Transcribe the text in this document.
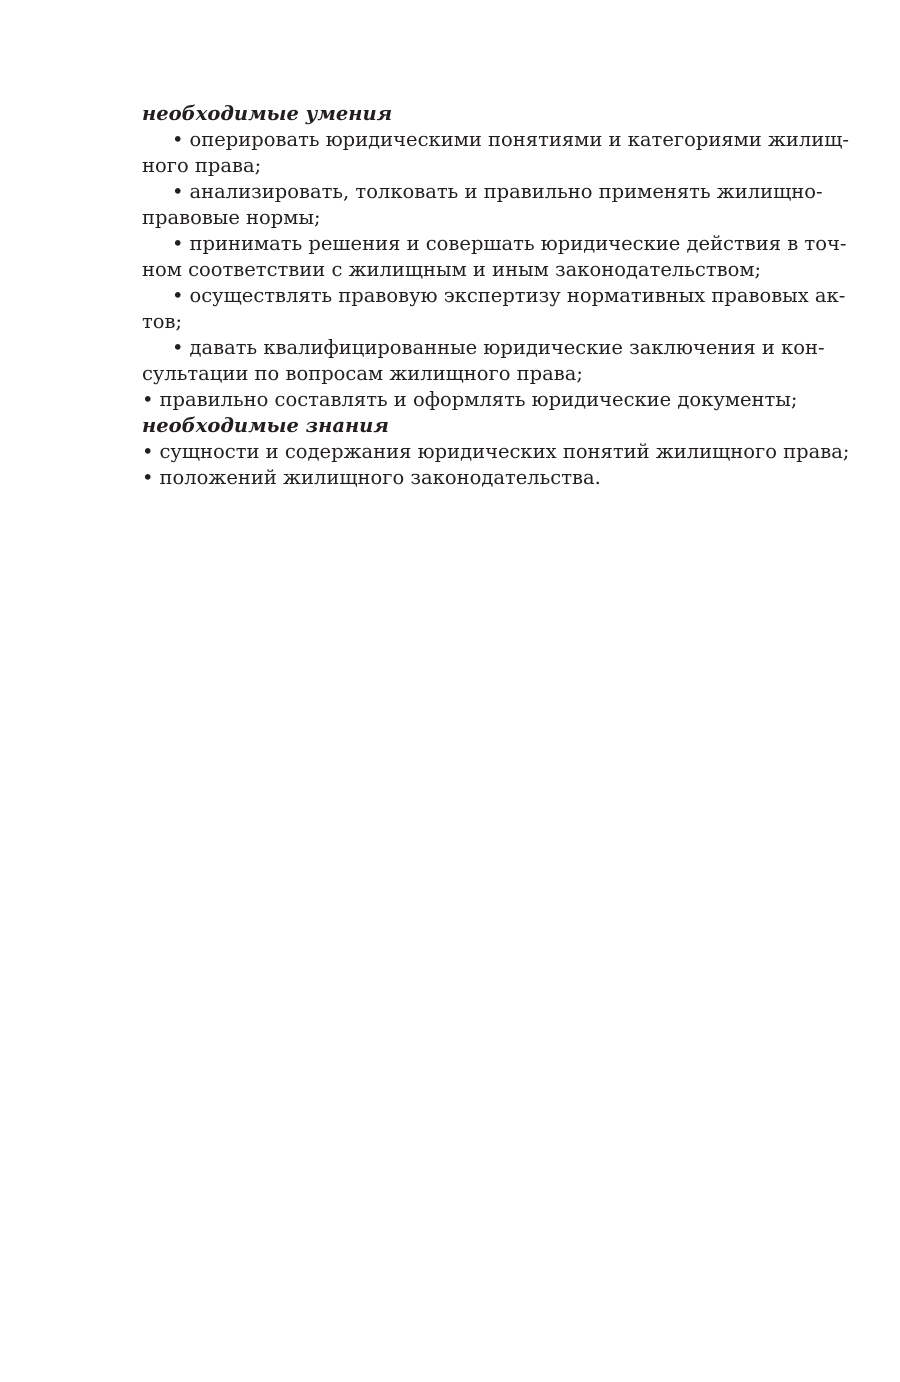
необходимые умения

• оперировать юридическими понятиями и категориями жилищ-
ного права;
• анализировать, толковать и правильно применять жилищно-
правовые нормы;
• принимать решения и совершать юридические действия в точ-
ном соответствии с жилищным и иным законодательством;
• осуществлять правовую экспертизу нормативных правовых ак-
тов;
• давать квалифицированные юридические заключения и кон-
сультации по вопросам жилищного права;
• правильно составлять и оформлять юридические документы;

необходимые знания

• сущности и содержания юридических понятий жилищного права;
• положений жилищного законодательства.
